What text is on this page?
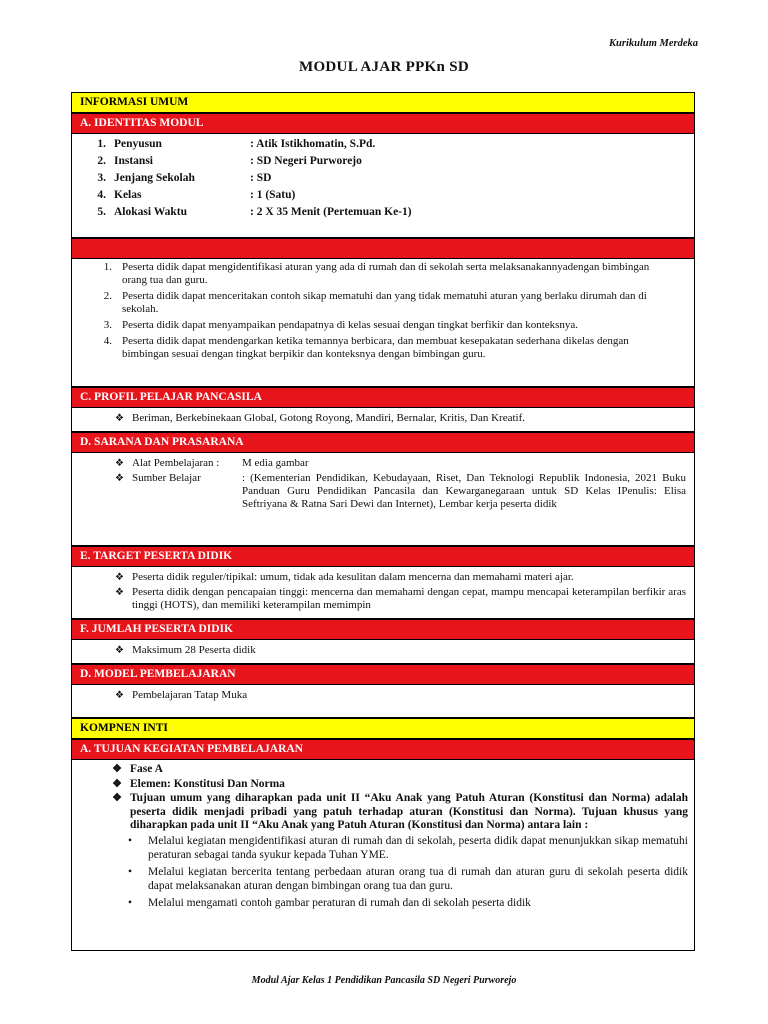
Kurikulum Merdeka
MODUL AJAR PPKn SD
INFORMASI UMUM
A. IDENTITAS MODUL
1. Penyusun	: Atik Istikhomatin, S.Pd.
2. Instansi	: SD Negeri Purworejo
3. Jenjang Sekolah	: SD
4. Kelas	: 1 (Satu)
5. Alokasi Waktu	: 2 X 35 Menit (Pertemuan Ke-1)
1. Peserta didik dapat mengidentifikasi aturan yang ada di rumah dan di sekolah serta melaksanakannyadengan bimbingan orang tua dan guru.
2. Peserta didik dapat menceritakan contoh sikap mematuhi dan yang tidak mematuhi aturan yang berlaku dirumah dan di sekolah.
3. Peserta didik dapat menyampaikan pendapatnya di kelas sesuai dengan tingkat berfikir dan konteksnya.
4. Peserta didik dapat mendengarkan ketika temannya berbicara, dan membuat kesepakatan sederhana dikelas dengan bimbingan sesuai dengan tingkat berpikir dan konteksnya dengan bimbingan guru.
C. PROFIL PELAJAR PANCASILA
❖ Beriman, Berkebinekaan Global, Gotong Royong, Mandiri, Bernalar, Kritis, Dan Kreatif.
D. SARANA DAN PRASARANA
❖ Alat Pembelajaran :	M edia gambar
❖ Sumber Belajar	: (Kementerian Pendidikan, Kebudayaan, Riset, Dan Teknologi Republik Indonesia, 2021 Buku Panduan Guru Pendidikan Pancasila dan Kewarganegaraan untuk SD Kelas IPenulis: Elisa Seftriyana & Ratna Sari Dewi dan Internet), Lembar kerja peserta didik
E. TARGET PESERTA DIDIK
❖ Peserta didik reguler/tipikal: umum, tidak ada kesulitan dalam mencerna dan memahami materi ajar.
❖ Peserta didik dengan pencapaian tinggi: mencerna dan memahami dengan cepat, mampu mencapai keterampilan berfikir aras tinggi (HOTS), dan memiliki keterampilan memimpin
F. JUMLAH PESERTA DIDIK
❖ Maksimum 28 Peserta didik
D. MODEL PEMBELAJARAN
❖ Pembelajaran Tatap Muka
KOMPNEN INTI
A. TUJUAN KEGIATAN PEMBELAJARAN
❖ Fase A
❖ Elemen: Konstitusi Dan Norma
❖ Tujuan umum yang diharapkan pada unit II “Aku Anak yang Patuh Aturan (Konstitusi dan Norma) adalah peserta didik menjadi pribadi yang patuh terhadap aturan (Konstitusi dan Norma). Tujuan khusus yang diharapkan pada unit II “Aku Anak yang Patuh Aturan (Konstitusi dan Norma) antara lain :
•	Melalui kegiatan mengidentifikasi aturan di rumah dan di sekolah, peserta didik dapat menunjukkan sikap mematuhi peraturan sebagai tanda syukur kepada Tuhan YME.
•	Melalui kegiatan bercerita tentang perbedaan aturan orang tua di rumah dan aturan guru di sekolah peserta didik dapat melaksanakan aturan dengan bimbingan orang tua dan guru.
•	Melalui mengamati contoh gambar peraturan di rumah dan di sekolah peserta didik
Modul Ajar Kelas 1 Pendidikan Pancasila SD Negeri Purworejo
